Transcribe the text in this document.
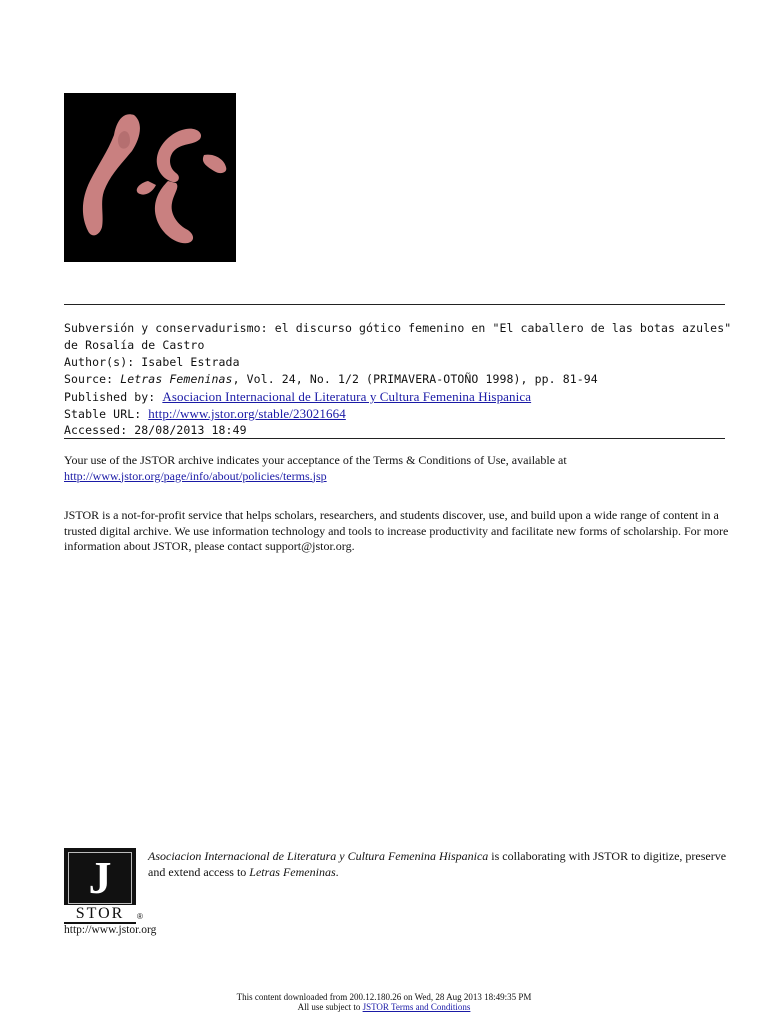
Subversión y conservadurismo: el discurso gótico femenino en "El caballero de las botas azules"
de Rosalía de Castro
Author(s): Isabel Estrada
Source: Letras Femeninas, Vol. 24, No. 1/2 (PRIMAVERA-OTOÑO 1998), pp. 81-94
Published by: Asociacion Internacional de Literatura y Cultura Femenina Hispanica
Stable URL: http://www.jstor.org/stable/23021664
Accessed: 28/08/2013 18:49
Your use of the JSTOR archive indicates your acceptance of the Terms & Conditions of Use, available at
http://www.jstor.org/page/info/about/policies/terms.jsp
JSTOR is a not-for-profit service that helps scholars, researchers, and students discover, use, and build upon a wide range of content in a trusted digital archive. We use information technology and tools to increase productivity and facilitate new forms of scholarship. For more information about JSTOR, please contact support@jstor.org.
J
STOR	®
Asociacion Internacional de Literatura y Cultura Femenina Hispanica is collaborating with JSTOR to digitize, preserve and extend access to Letras Femeninas.
http://www.jstor.org
This content downloaded from 200.12.180.26 on Wed, 28 Aug 2013 18:49:35 PM
All use subject to JSTOR Terms and Conditions
